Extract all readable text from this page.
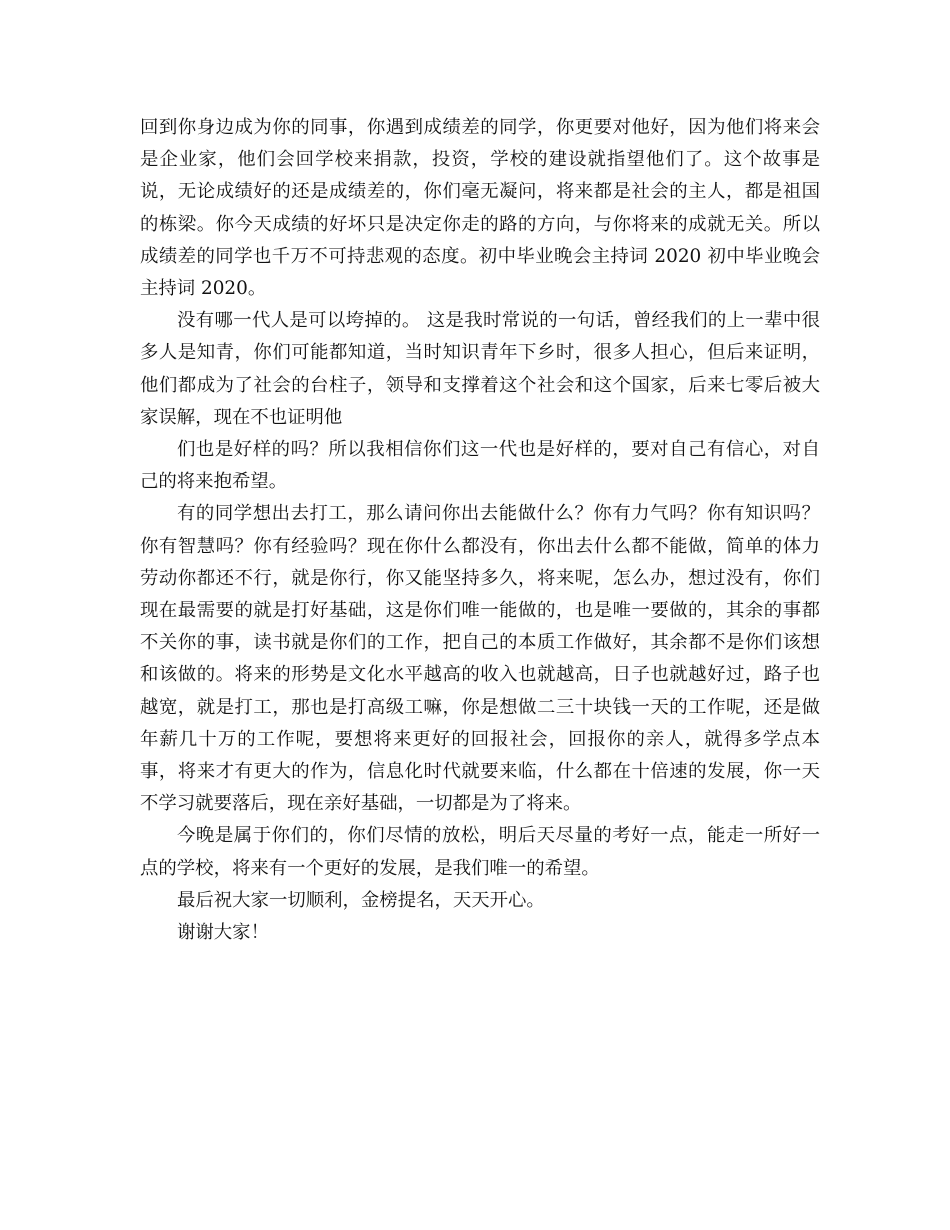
回到你身边成为你的同事，你遇到成绩差的同学，你更要对他好，因为他们将来会是企业家，他们会回学校来捐款，投资，学校的建设就指望他们了。这个故事是说，无论成绩好的还是成绩差的，你们毫无凝问，将来都是社会的主人，都是祖国的栋梁。你今天成绩的好坏只是决定你走的路的方向，与你将来的成就无关。所以成绩差的同学也千万不可持悲观的态度。初中毕业晚会主持词 2020 初中毕业晚会主持词 2020。

没有哪一代人是可以垮掉的。 这是我时常说的一句话，曾经我们的上一辈中很多人是知青，你们可能都知道，当时知识青年下乡时，很多人担心，但后来证明，他们都成为了社会的台柱子，领导和支撑着这个社会和这个国家，后来七零后被大家误解，现在不也证明他

们也是好样的吗？所以我相信你们这一代也是好样的，要对自己有信心，对自己的将来抱希望。

有的同学想出去打工，那么请问你出去能做什么？你有力气吗？你有知识吗？你有智慧吗？你有经验吗？现在你什么都没有，你出去什么都不能做，简单的体力劳动你都还不行，就是你行，你又能坚持多久，将来呢，怎么办，想过没有，你们现在最需要的就是打好基础，这是你们唯一能做的，也是唯一要做的，其余的事都不关你的事，读书就是你们的工作，把自己的本质工作做好，其余都不是你们该想和该做的。将来的形势是文化水平越高的收入也就越高，日子也就越好过，路子也越宽，就是打工，那也是打高级工嘛，你是想做二三十块钱一天的工作呢，还是做年薪几十万的工作呢，要想将来更好的回报社会，回报你的亲人，就得多学点本事，将来才有更大的作为，信息化时代就要来临，什么都在十倍速的发展，你一天不学习就要落后，现在亲好基础，一切都是为了将来。

今晚是属于你们的，你们尽情的放松，明后天尽量的考好一点，能走一所好一点的学校，将来有一个更好的发展，是我们唯一的希望。

最后祝大家一切顺利，金榜提名，天天开心。

谢谢大家！
